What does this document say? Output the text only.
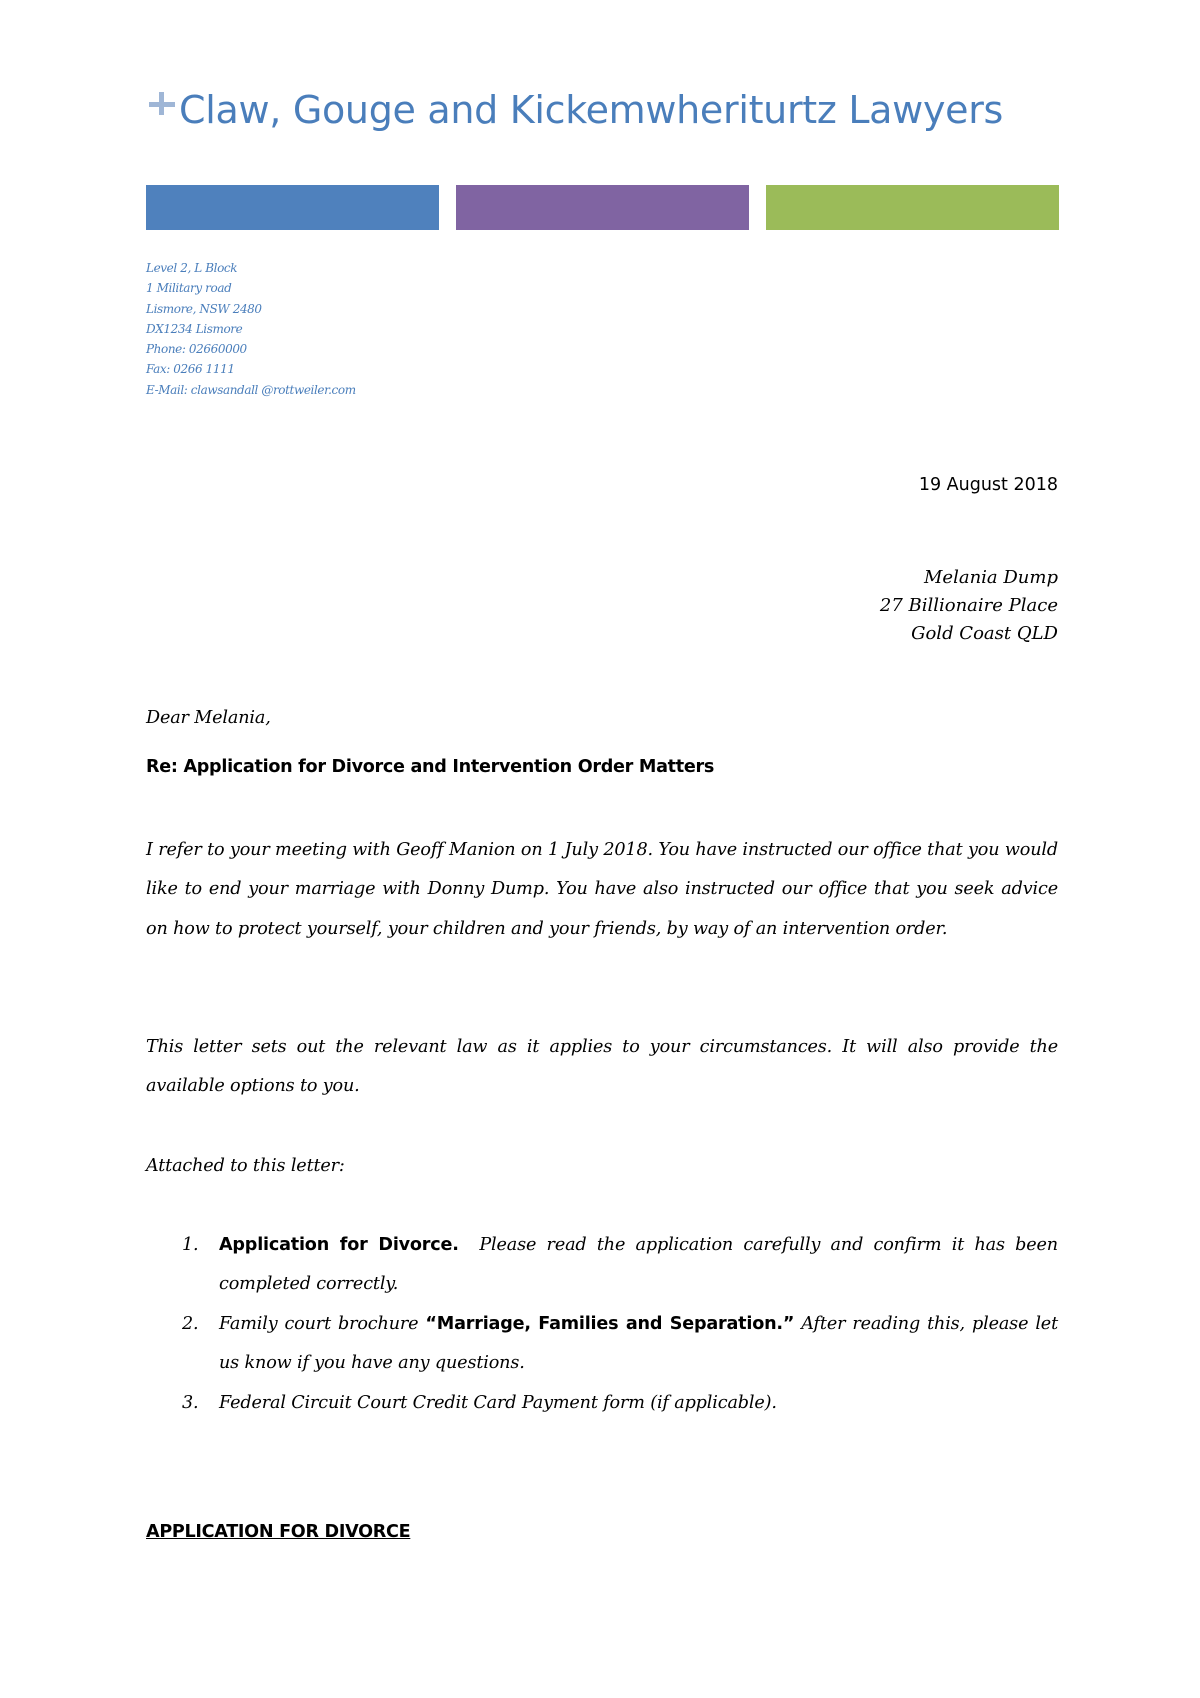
Claw, Gouge and Kickemwheriturtz Lawyers
Level 2, L Block
1 Military road
Lismore, NSW 2480
DX1234 Lismore
Phone: 02660000
Fax: 0266 1111
E-Mail: clawsandall @rottweiler.com
19 August 2018
Melania Dump
27 Billionaire Place
Gold Coast QLD
Dear Melania,
Re: Application for Divorce and Intervention Order Matters
I refer to your meeting with Geoff Manion on 1 July 2018. You have instructed our office that you would like to end your marriage with Donny Dump. You have also instructed our office that you seek advice on how to protect yourself, your children and your friends, by way of an intervention order.
This letter sets out the relevant law as it applies to your circumstances. It will also provide the available options to you.
Attached to this letter:
1. Application for Divorce.  Please read the application carefully and confirm it has been completed correctly.
2. Family court brochure “Marriage, Families and Separation.” After reading this, please let us know if you have any questions.
3. Federal Circuit Court Credit Card Payment form (if applicable).
APPLICATION FOR DIVORCE
